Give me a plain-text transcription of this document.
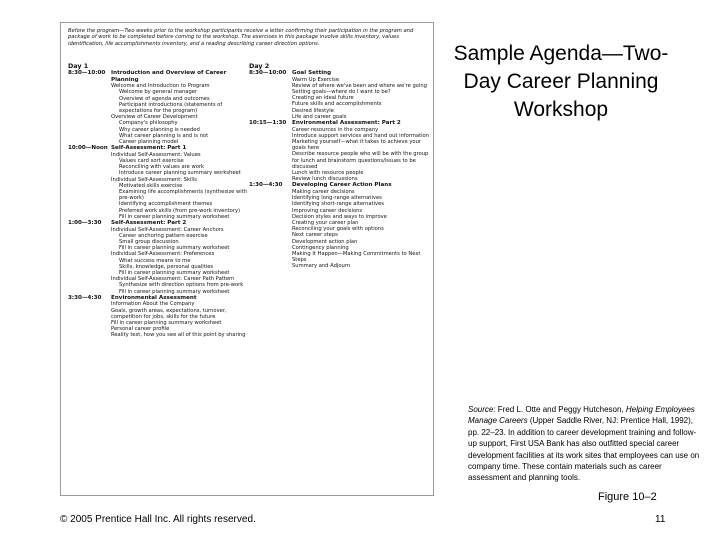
Before the program—Two weeks prior to the workshop participants receive a letter confirming their participation in the program and package of work to be completed before coming to the workshop. The exercises in this package involve skills inventory, values identification, life accomplishments inventory, and a reading describing career direction options.
Day 1
8:30—10:00	Introduction and Overview of Career Planning
Welcome and Introduction to Program
Welcome by general manager
Overview of agenda and outcomes
Participant introductions (statements of expectations for the program)
Overview of Career Development
Company's philosophy
Why career planning is needed
What career planning is and is not
Career planning model
10:00—Noon Self-Assessment: Part 1
Individual Self-Assessment: Values
Values card sort exercise
Reconciling with values are work
Introduce career planning summary worksheet
Individual Self-Assessment: Skills
Motivated skills exercise
Examining life accomplishments (synthesize with pre-work)
Identifying accomplishment themes
Preferred work skills (from pre-work inventory)
Fill in career planning summary worksheet
1:00—3:30	Self-Assessment: Part 2
Individual Self-Assessment: Career Anchors
Career anchoring pattern exercise
Small group discussion
Fill in career planning summary worksheet
Individual Self-Assessment: Preferences
What success means to me
Skills, knowledge, personal qualities
Fill in career planning summary worksheet
Individual Self-Assessment: Career Path Pattern
Synthesize with direction options from pre-work
Fill in career planning summary worksheet
3:30—4:30	Environmental Assessment
Information About the Company
Goals, growth areas, expectations, turnover, competition for jobs, skills for the future
Fill in career planning summary worksheet
Personal career profile
Reality test, how you see all of this point by sharing
Day 2
8:30—10:00	Goal Setting
Warm Up Exercise
Review of where we've been and where we're going
Setting goals—where do I want to be?
Creating an ideal future
Future skills and accomplishments
Desired lifestyle
Life and career goals
10:15—1:30	Environmental Assessment: Part 2
Career resources in the company
Introduce support services and hand out information
Marketing yourself—what it takes to achieve your goals here
Describe resource people who will be with the group for lunch and brainstorm questions/issues to be discussed
Lunch with resource people
Review lunch discussions
1:30—4:30	Developing Career Action Plans
Making career decisions
Identifying long-range alternatives
Identifying short-range alternatives
Improving career decisions
Decision styles and ways to improve
Creating your career plan
Reconciling your goals with options
Next career steps
Development action plan
Contingency planning
Making It Happen—Making Commitments to Next Steps
Summary and Adjourn
Sample Agenda—Two-Day Career Planning Workshop
Source: Fred L. Otte and Peggy Hutcheson, Helping Employees Manage Careers (Upper Saddle River, NJ: Prentice Hall, 1992), pp. 22–23. In addition to career development training and follow-up support, First USA Bank has also outfitted special career development facilities at its work sites that employees can use on company time. These contain materials such as career assessment and planning tools.
Figure 10–2
© 2005 Prentice Hall Inc. All rights reserved.	11
